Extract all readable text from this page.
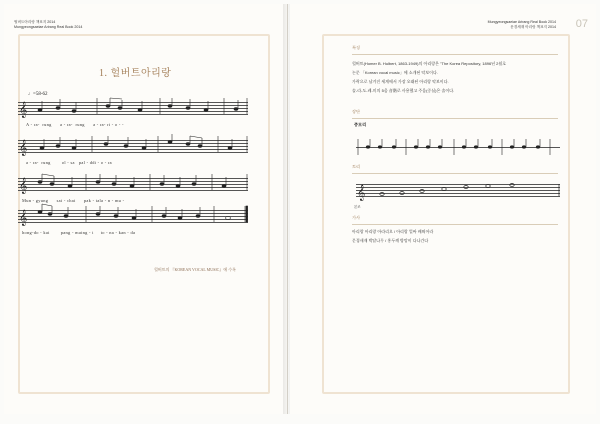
헐버트아리랑 책표지 2014
Mungyeongsaeiae Arirang Real Book 2014
1. 헐버트아리랑
♩=58-62
𝄞
A - ra- rung a - ra- rung a - ra- ri - o - -
𝄞
a - ra- rung	ol - sa pal - ddi - o - ra
𝄞
Mun - gyung sai - chai pak - tala - n - mu -
𝄞
hong-do - kai	pang - maing - i to - na - kan - da
헐버트의 『KOREAN VOCAL MUSIC』에 수록
Mungyeongsaeiae Arirang Real Book 2014
문경새재 아리랑 책표지 2014 07
특징
헐버트(Homer B. Hulbert, 1863-1949)의 아리랑은 "The Korea Repository, 1896년 2월호
논문 「Korean vocal music」에 소개된 악보이다.
가락으로 남겨진 세계에서 가장 오래된 아리랑 악보이다.
솔-라-도-레-미의 5음 音階로 사용했고 주음(중심)은 솔이다.
장단
중모리
토리
𝄞
본조
가사
아리랑 아리랑 아라리오 / 아리랑 얼싸 배띄어라
문경새재 박달나무 / 홍두깨 방망이 다나간다
